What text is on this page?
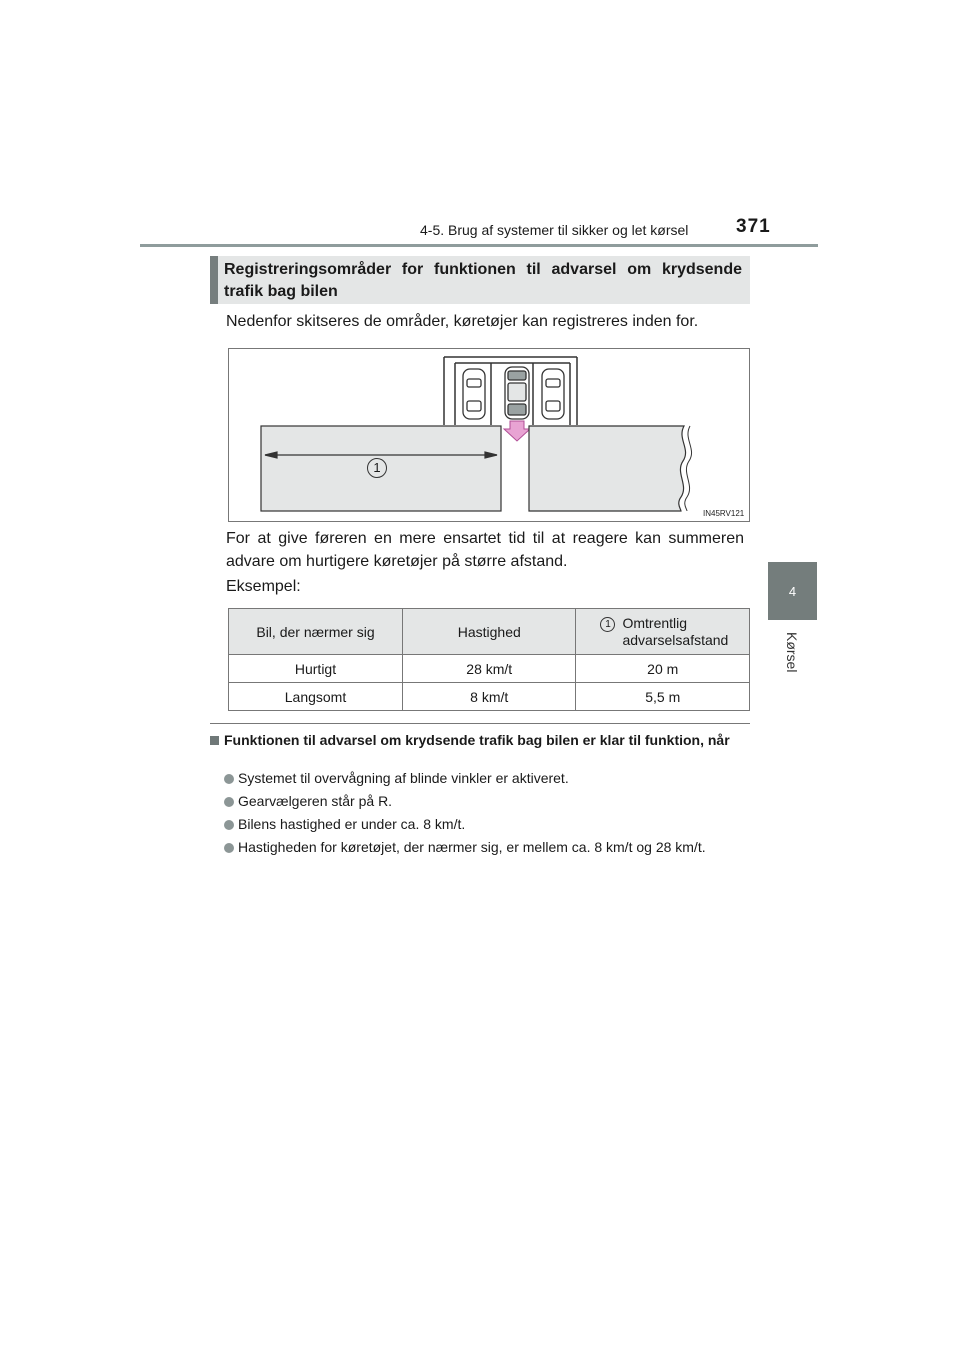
4-5. Brug af systemer til sikker og let kørsel	371
4
Kørsel
Registreringsområder for funktionen til advarsel om krydsende trafik bag bilen
Nedenfor skitseres de områder, køretøjer kan registreres inden for.
1
IN45RV121
For at give føreren en mere ensartet tid til at reagere kan summeren advare om hurtigere køretøjer på større afstand.
Eksempel:
Bil, der nærmer sig	Hastighed	1 Omtrentlig advarselsafstand

Hurtigt	28 km/t	20 m
Langsomt	8 km/t	5,5 m
Funktionen til advarsel om krydsende trafik bag bilen er klar til funktion, når
Systemet til overvågning af blinde vinkler er aktiveret.
Gearvælgeren står på R.
Bilens hastighed er under ca. 8 km/t.
Hastigheden for køretøjet, der nærmer sig, er mellem ca. 8 km/t og 28 km/t.
